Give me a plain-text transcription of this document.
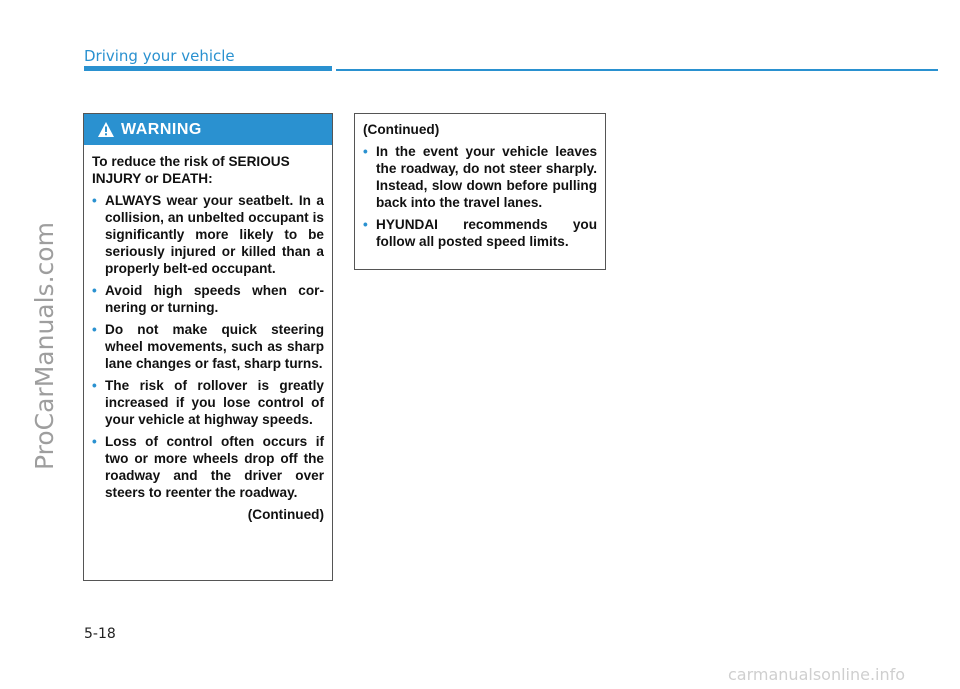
ProCarManuals.com
Driving your vehicle
WARNING

To reduce the risk of SERIOUS INJURY or DEATH:

• ALWAYS wear your seatbelt. In a collision, an unbelted occupant is significantly more likely to be seriously injured or killed than a properly belt-ed occupant.
• Avoid high speeds when cor-nering or turning.
• Do not make quick steering wheel movements, such as sharp lane changes or fast, sharp turns.
• The risk of rollover is greatly increased if you lose control of your vehicle at highway speeds.
• Loss of control often occurs if two or more wheels drop off the roadway and the driver over steers to reenter the roadway.
(Continued)

(Continued)

• In the event your vehicle leaves the roadway, do not steer sharply. Instead, slow down before pulling back into the travel lanes.
• HYUNDAI recommends you follow all posted speed limits.
5-18
carmanualsonline.info
